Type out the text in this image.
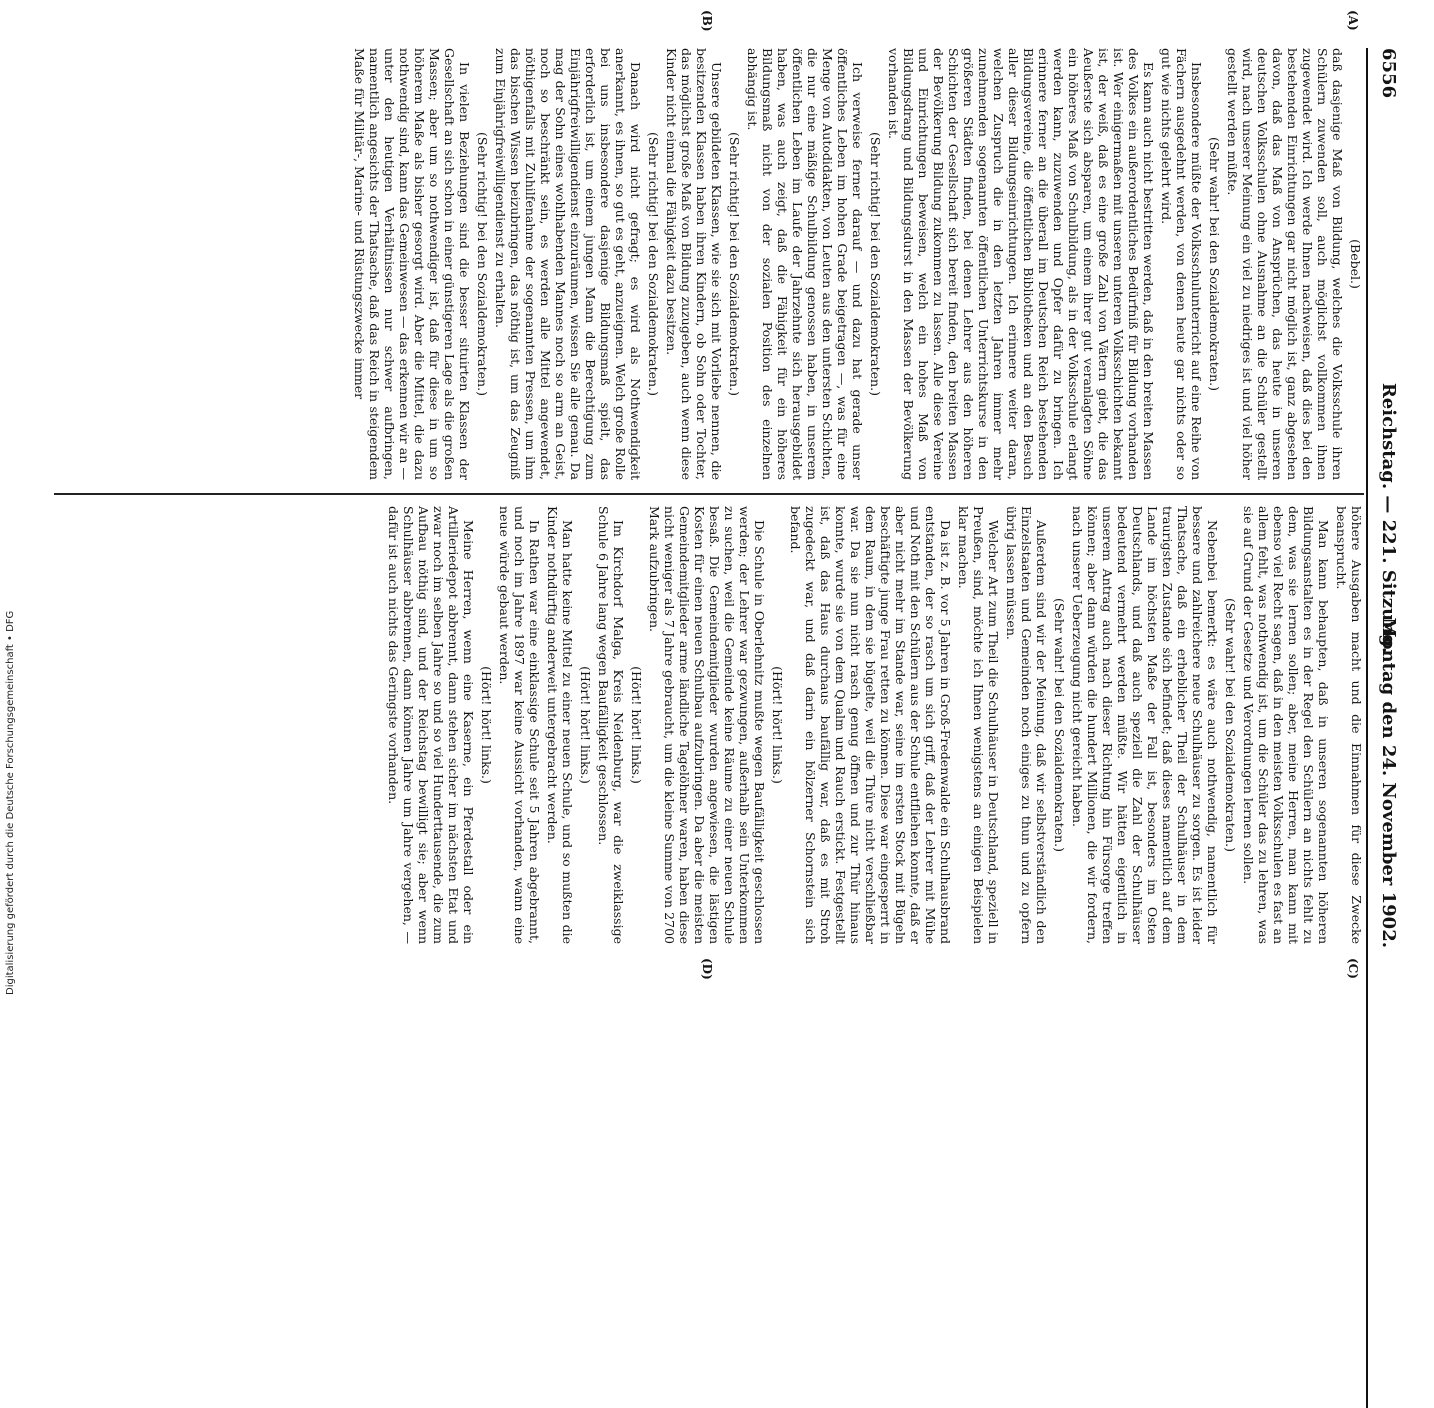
6556
Reichstag. — 221. Sitzung.
Montag den 24. November 1902.
(A)
(B)
(C)
(D)

(Bebel.)

daß dasjenige Maß von Bildung, welches die Volksschule ihren Schülern zuwenden soll, auch möglichst vollkommen ihnen zugewendet wird. Ich werde Ihnen nachweisen, daß dies bei den bestehenden Einrichtungen gar nicht möglich ist, ganz abgesehen davon, daß das Maß von Ansprüchen, das heute in unseren deutschen Volksschulen ohne Ausnahme an die Schüler gestellt wird, nach unserer Meinung ein viel zu niedriges ist und viel höher gestellt werden müßte.

(Sehr wahr! bei den Sozialdemokraten.)

Insbesondere müßte der Volksschulunterricht auf eine Reihe von Fächern ausgedehnt werden, von denen heute gar nichts oder so gut wie nichts gelehrt wird.

Es kann auch nicht bestritten werden, daß in den breiten Massen des Volkes ein außerordentliches Bedürfniß für Bildung vorhanden ist. Wer einigermaßen mit unseren unteren Volksschichten bekannt ist, der weiß, daß es eine große Zahl von Vätern giebt, die das Aeußerste sich absparen, um einem ihrer gut veranlagten Söhne ein höheres Maß von Schulbildung, als in der Volksschule erlangt werden kann, zuzuwenden und Opfer dafür zu bringen. Ich erinnere ferner an die überall im Deutschen Reich bestehenden Bildungsvereine, die öffentlichen Bibliotheken und an den Besuch aller dieser Bildungseinrichtungen. Ich erinnere weiter daran, welchen Zuspruch die in den letzten Jahren immer mehr zunehmenden sogenannten öffentlichen Unterrichtskurse in den größeren Städten finden, bei denen Lehrer aus den höheren Schichten der Gesellschaft sich bereit finden, den breiten Massen der Bevölkerung Bildung zukommen zu lassen. Alle diese Vereine und Einrichtungen beweisen, welch ein hohes Maß von Bildungsdrang und Bildungsdurst in den Massen der Bevölkerung vorhanden ist.

(Sehr richtig! bei den Sozialdemokraten.)

Ich verweise ferner darauf — und dazu hat gerade unser öffentliches Leben im hohen Grade beigetragen —, was für eine Menge von Autodidakten, von Leuten aus den untersten Schichten, die nur eine mäßige Schulbildung genossen haben, in unserem öffentlichen Leben im Laufe der Jahrzehnte sich herausgebildet haben, was auch zeigt, daß die Fähigkeit für ein höheres Bildungsmaß nicht von der sozialen Position des einzelnen abhängig ist.

(Sehr richtig! bei den Sozialdemokraten.)

Unsere gebildeten Klassen, wie sie sich mit Vorliebe nennen, die besitzenden Klassen haben ihren Kindern, ob Sohn oder Tochter, das möglichst große Maß von Bildung zuzugeben, auch wenn diese Kinder nicht einmal die Fähigkeit dazu besitzen.

(Sehr richtig! bei den Sozialdemokraten.)

Danach wird nicht gefragt; es wird als Nothwendigkeit anerkannt, es ihnen, so gut es geht, anzueignen. Welch große Rolle bei uns insbesondere dasjenige Bildungsmaß spielt, das erforderlich ist, um einem jungen Mann die Berechtigung zum Einjährigfreiwilligendienst einzuräumen, wissen Sie alle genau. Da mag der Sohn eines wohlhabenden Mannes noch so arm an Geist, noch so beschränkt sein, es werden alle Mittel angewendet, nöthigenfalls mit Zuhilfenahme der sogenannten Pressen, um ihm das bischen Wissen beizubringen, das nöthig ist, um das Zeugniß zum Einjährigfreiwilligendienst zu erhalten.

(Sehr richtig! bei den Sozialdemokraten.)

In vielen Beziehungen sind die besser situirten Klassen der Gesellschaft an sich schon in einer günstigeren Lage als die großen Massen; aber um so nothwendiger ist, daß für diese in um so höherem Maße als bisher gesorgt wird. Aber die Mittel, die dazu nothwendig sind, kann das Gemeinwesen — das erkennen wir an — unter den heutigen Verhältnissen nur schwer aufbringen, namentlich angesichts der Thatsache, daß das Reich in steigendem Maße für Militär-, Marine- und Rüstungszwecke immer

höhere Ausgaben macht und die Einnahmen für diese Zwecke beansprucht.

Man kann behaupten, daß in unseren sogenannten höheren Bildungsanstalten es in der Regel den Schülern an nichts fehlt zu dem, was sie lernen sollen; aber, meine Herren, man kann mit ebenso viel Recht sagen, daß in den meisten Volksschulen es fast an allem fehlt, was nothwendig ist, um die Schüler das zu lehren, was sie auf Grund der Gesetze und Verordnungen lernen sollen.

(Sehr wahr! bei den Sozialdemokraten.)

Nebenbei bemerkt: es wäre auch nothwendig, namentlich für bessere und zahlreichere neue Schulhäuser zu sorgen. Es ist leider Thatsache, daß ein erheblicher Theil der Schulhäuser in dem traurigsten Zustande sich befindet; daß dieses namentlich auf dem Lande im höchsten Maße der Fall ist, besonders im Osten Deutschlands, und daß auch speziell die Zahl der Schulhäuser bedeutend vermehrt werden müßte. Wir hätten eigentlich in unserem Antrag auch nach dieser Richtung hin Fürsorge treffen können; aber dann würden die hundert Millionen, die wir fordern, nach unserer Ueberzeugung nicht gereicht haben.

(Sehr wahr! bei den Sozialdemokraten.)

Außerdem sind wir der Meinung, daß wir selbstverständlich den Einzelstaaten und Gemeinden noch einiges zu thun und zu opfern übrig lassen müssen.

Welcher Art zum Theil die Schulhäuser in Deutschland, speziell in Preußen, sind, möchte ich Ihnen wenigstens an einigen Beispielen klar machen.

Da ist z. B. vor 5 Jahren in Groß-Fredenwalde ein Schulhausbrand entstanden, der so rasch um sich griff, daß der Lehrer mit Mühe und Noth mit den Schülern aus der Schule entfliehen konnte, daß er aber nicht mehr im Stande war, seine im ersten Stock mit Bügeln beschäftigte junge Frau retten zu können. Diese war eingesperrt in dem Raum, in dem sie bügelte, weil die Thüre nicht verschließbar war. Da sie nun nicht rasch genug öffnen und zur Thür hinaus konnte, wurde sie von dem Qualm und Rauch erstickt. Festgestellt ist, daß das Haus durchaus baufällig war, daß es mit Stroh zugedeckt war, und daß darin ein hölzerner Schornstein sich befand.

(Hört! hört! links.)

Die Schule in Oberlehnitz mußte wegen Baufälligkeit geschlossen werden; der Lehrer war gezwungen, außerhalb sein Unterkommen zu suchen, weil die Gemeinde keine Räume zu einer neuen Schule besaß. Die Gemeindemitglieder wurden angewiesen, die lästigen Kosten für einen neuen Schulbau aufzubringen. Da aber die meisten Gemeindemitglieder arme ländliche Tagelöhner waren, haben diese nicht weniger als 7 Jahre gebraucht, um die kleine Summe von 2700 Mark aufzubringen.

(Hört! hört! links.)

Im Kirchdorf Malga, Kreis Neidenburg, war die zweiklassige Schule 6 Jahre lang wegen Baufälligkeit geschlossen.

(Hört! hört! links.)

Man hatte keine Mittel zu einer neuen Schule, und so mußten die Kinder nothdürftig anderweit untergebracht werden.

In Rathen war eine einklassige Schule seit 5 Jahren abgebrannt, und noch im Jahre 1897 war keine Aussicht vorhanden, wann eine neue würde gebaut werden.

(Hört! hört! links.)

Meine Herren, wenn eine Kaserne, ein Pferdestall oder ein Artilleriedepot abbrennt, dann stehen sicher im nächsten Etat und zwar noch im selben Jahre so und so viel Hunderttausende, die zum Aufbau nöthig sind, und der Reichstag bewilligt sie; aber wenn Schulhäuser abbrennen, dann können Jahre um Jahre vergehen, — dafür ist auch nichts das Geringste vorhanden.

Digitalisierung gefördert durch die Deutsche Forschungsgemeinschaft • DFG
